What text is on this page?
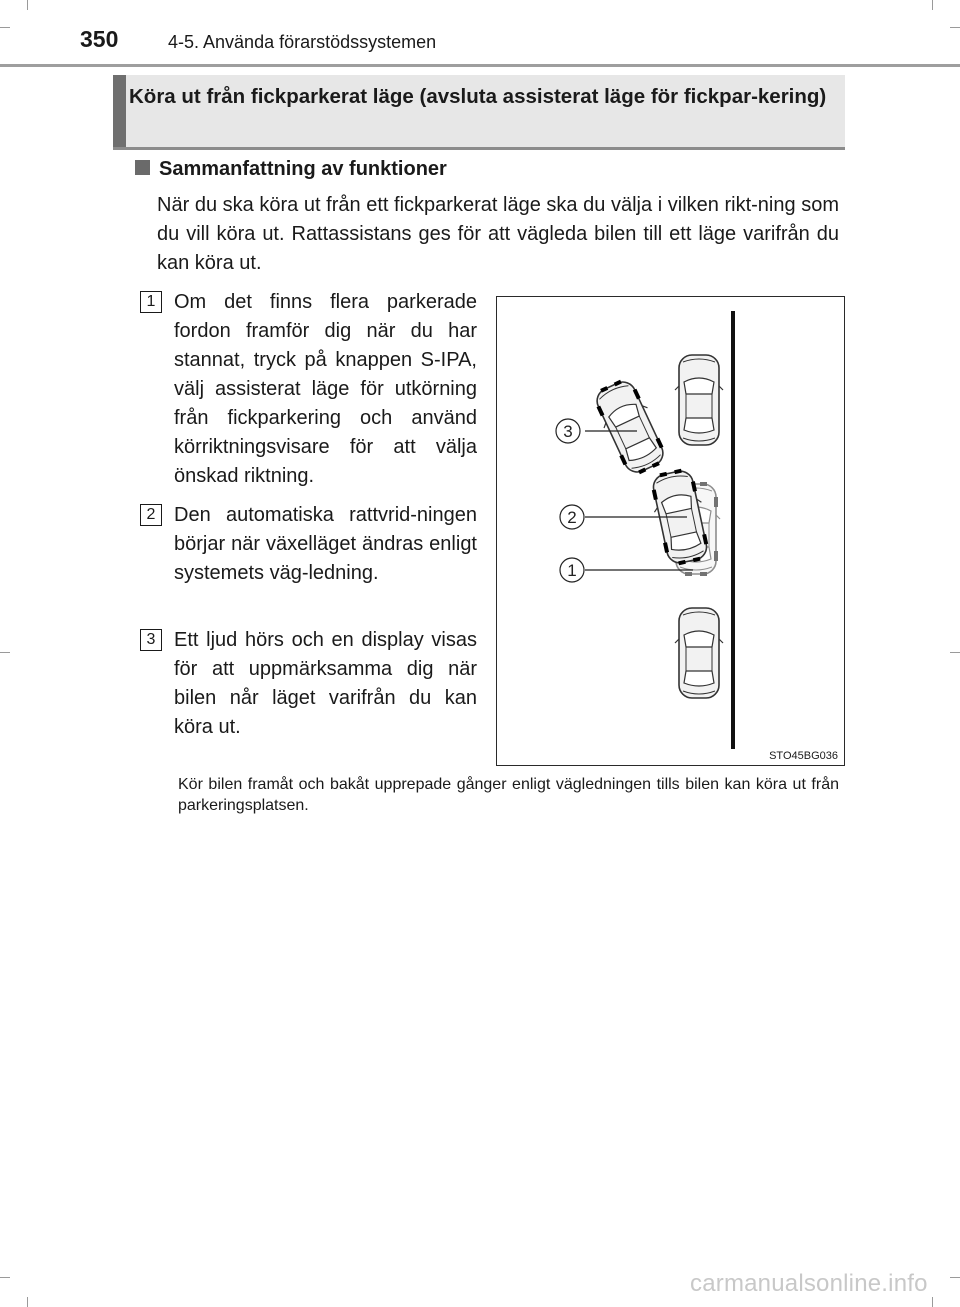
350	4-5. Använda förarstödssystemen
Köra ut från fickparkerat läge (avsluta assisterat läge för fickpar-kering)
Sammanfattning av funktioner
När du ska köra ut från ett fickparkerat läge ska du välja i vilken rikt-ning som du vill köra ut. Rattassistans ges för att vägleda bilen till ett läge varifrån du kan köra ut.
1 Om det finns flera parkerade fordon framför dig när du har stannat, tryck på knappen S-IPA, välj assisterat läge för utkörning från fickparkering och använd körriktningsvisare för att välja önskad riktning.
2 Den automatiska rattvrid-ningen börjar när växelläget ändras enligt systemets väg-ledning.
3 Ett ljud hörs och en display visas för att uppmärksamma dig när bilen når läget varifrån du kan köra ut.
3
2
1
STO45BG036
Kör bilen framåt och bakåt upprepade gånger enligt vägledningen tills bilen kan köra ut från parkeringsplatsen.
carmanualsonline.info
